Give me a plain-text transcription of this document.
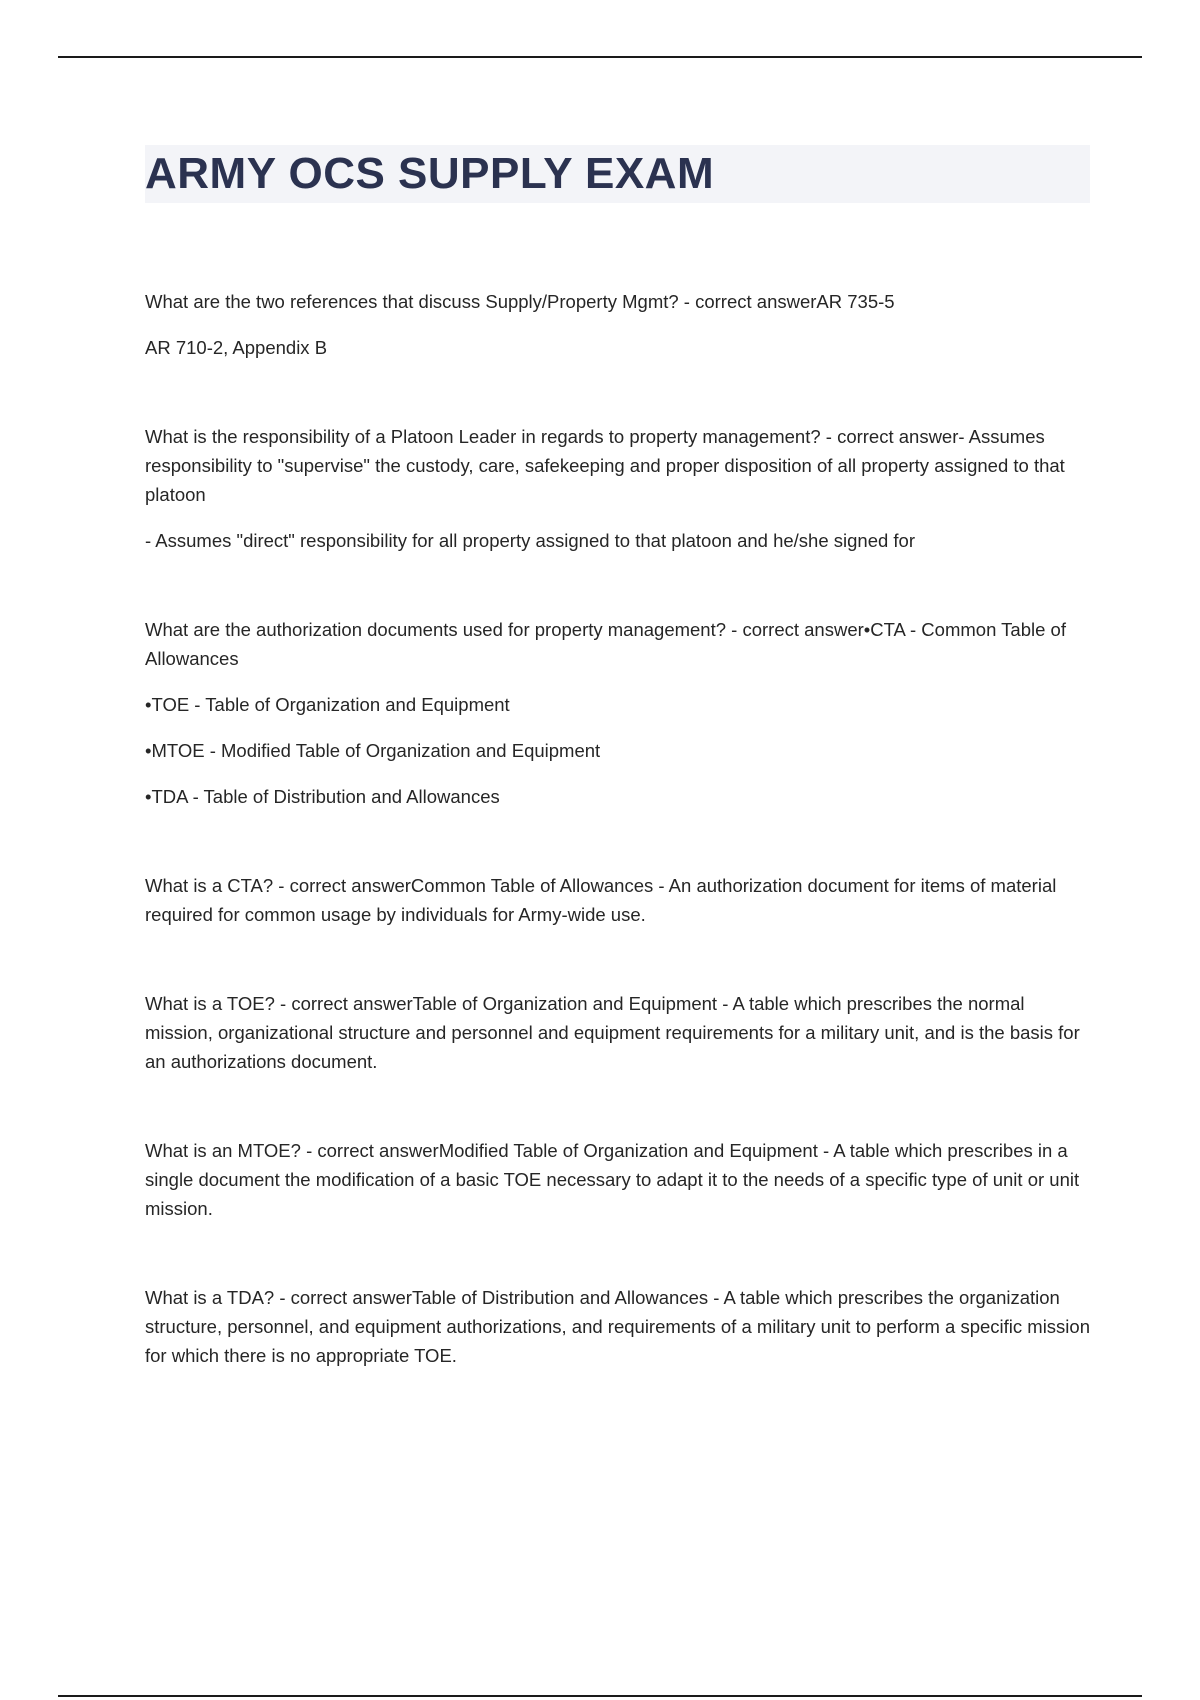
ARMY OCS SUPPLY EXAM

What are the two references that discuss Supply/Property Mgmt? - correct answerAR 735-5

AR 710-2, Appendix B

What is the responsibility of a Platoon Leader in regards to property management? - correct answer- Assumes responsibility to "supervise" the custody, care, safekeeping and proper disposition of all property assigned to that platoon

- Assumes "direct" responsibility for all property assigned to that platoon and he/she signed for

What are the authorization documents used for property management? - correct answer•CTA - Common Table of Allowances

•TOE - Table of Organization and Equipment

•MTOE - Modified Table of Organization and Equipment

•TDA - Table of Distribution and Allowances

What is a CTA? - correct answerCommon Table of Allowances - An authorization document for items of material required for common usage by individuals for Army-wide use.

What is a TOE? - correct answerTable of Organization and Equipment - A table which prescribes the normal mission, organizational structure and personnel and equipment requirements for a military unit, and is the basis for an authorizations document.

What is an MTOE? - correct answerModified Table of Organization and Equipment - A table which prescribes in a single document the modification of a basic TOE necessary to adapt it to the needs of a specific type of unit or unit mission.

What is a TDA? - correct answerTable of Distribution and Allowances - A table which prescribes the organization structure, personnel, and equipment authorizations, and requirements of a military unit to perform a specific mission for which there is no appropriate TOE.
